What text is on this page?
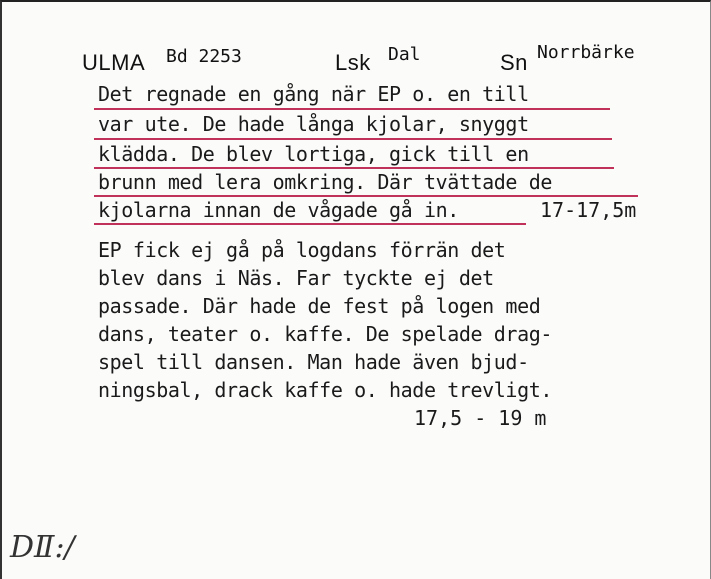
ULMA Bd 2253	Lsk Dal	Sn Norrbärke
Det regnade en gång när EP o. en till
var ute. De hade långa kjolar, snyggt
klädda. De blev lortiga, gick till en
brunn med lera omkring. Där tvättade de
kjolarna innan de vågade gå in.	17-17,5m
EP fick ej gå på logdans förrän det
blev dans i Näs. Far tyckte ej det
passade. Där hade de fest på logen med
dans, teater o. kaffe. De spelade drag-
spel till dansen. Man hade även bjud-
ningsbal, drack kaffe o. hade trevligt.
17,5 - 19 m
DⅡ:/
